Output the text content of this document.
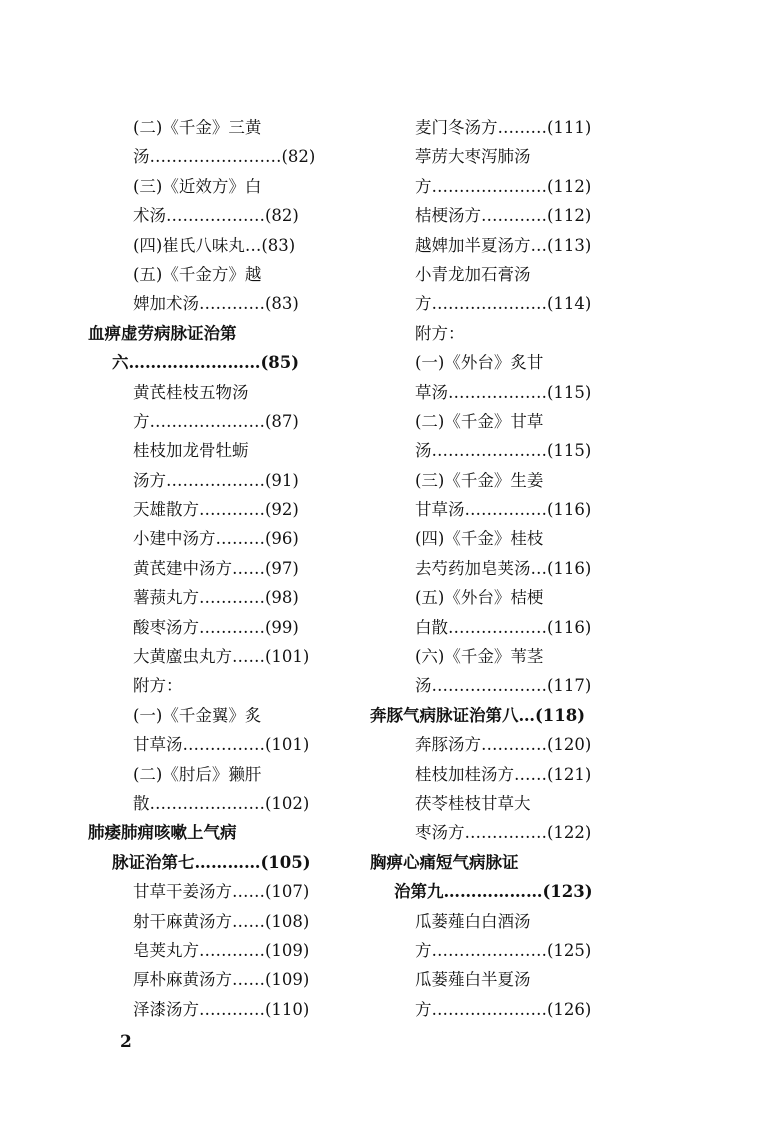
(二)《千金》三黄
汤……………………(82)
(三)《近效方》白
术汤………………(82)
(四)崔氏八味丸…(83)
(五)《千金方》越
婢加术汤…………(83)
血痹虚劳病脉证治第
六……………………(85)
黄芪桂枝五物汤
方…………………(87)
桂枝加龙骨牡蛎
汤方………………(91)
天雄散方…………(92)
小建中汤方………(96)
黄芪建中汤方……(97)
薯蓣丸方…………(98)
酸枣汤方…………(99)
大黄䗪虫丸方……(101)
附方：
(一)《千金翼》炙
甘草汤……………(101)
(二)《肘后》獭肝
散…………………(102)
肺痿肺痈咳嗽上气病
脉证治第七…………(105)
甘草干姜汤方……(107)
射干麻黄汤方……(108)
皂荚丸方…………(109)
厚朴麻黄汤方……(109)
泽漆汤方…………(110)
麦门冬汤方………(111)
葶苈大枣泻肺汤
方…………………(112)
桔梗汤方…………(112)
越婢加半夏汤方…(113)
小青龙加石膏汤
方…………………(114)
附方：
(一)《外台》炙甘
草汤………………(115)
(二)《千金》甘草
汤…………………(115)
(三)《千金》生姜
甘草汤……………(116)
(四)《千金》桂枝
去芍药加皂荚汤…(116)
(五)《外台》桔梗
白散………………(116)
(六)《千金》苇茎
汤…………………(117)
奔豚气病脉证治第八…(118)
奔豚汤方…………(120)
桂枝加桂汤方……(121)
茯苓桂枝甘草大
枣汤方……………(122)
胸痹心痛短气病脉证
治第九………………(123)
瓜蒌薤白白酒汤
方…………………(125)
瓜蒌薤白半夏汤
方…………………(126)
2
